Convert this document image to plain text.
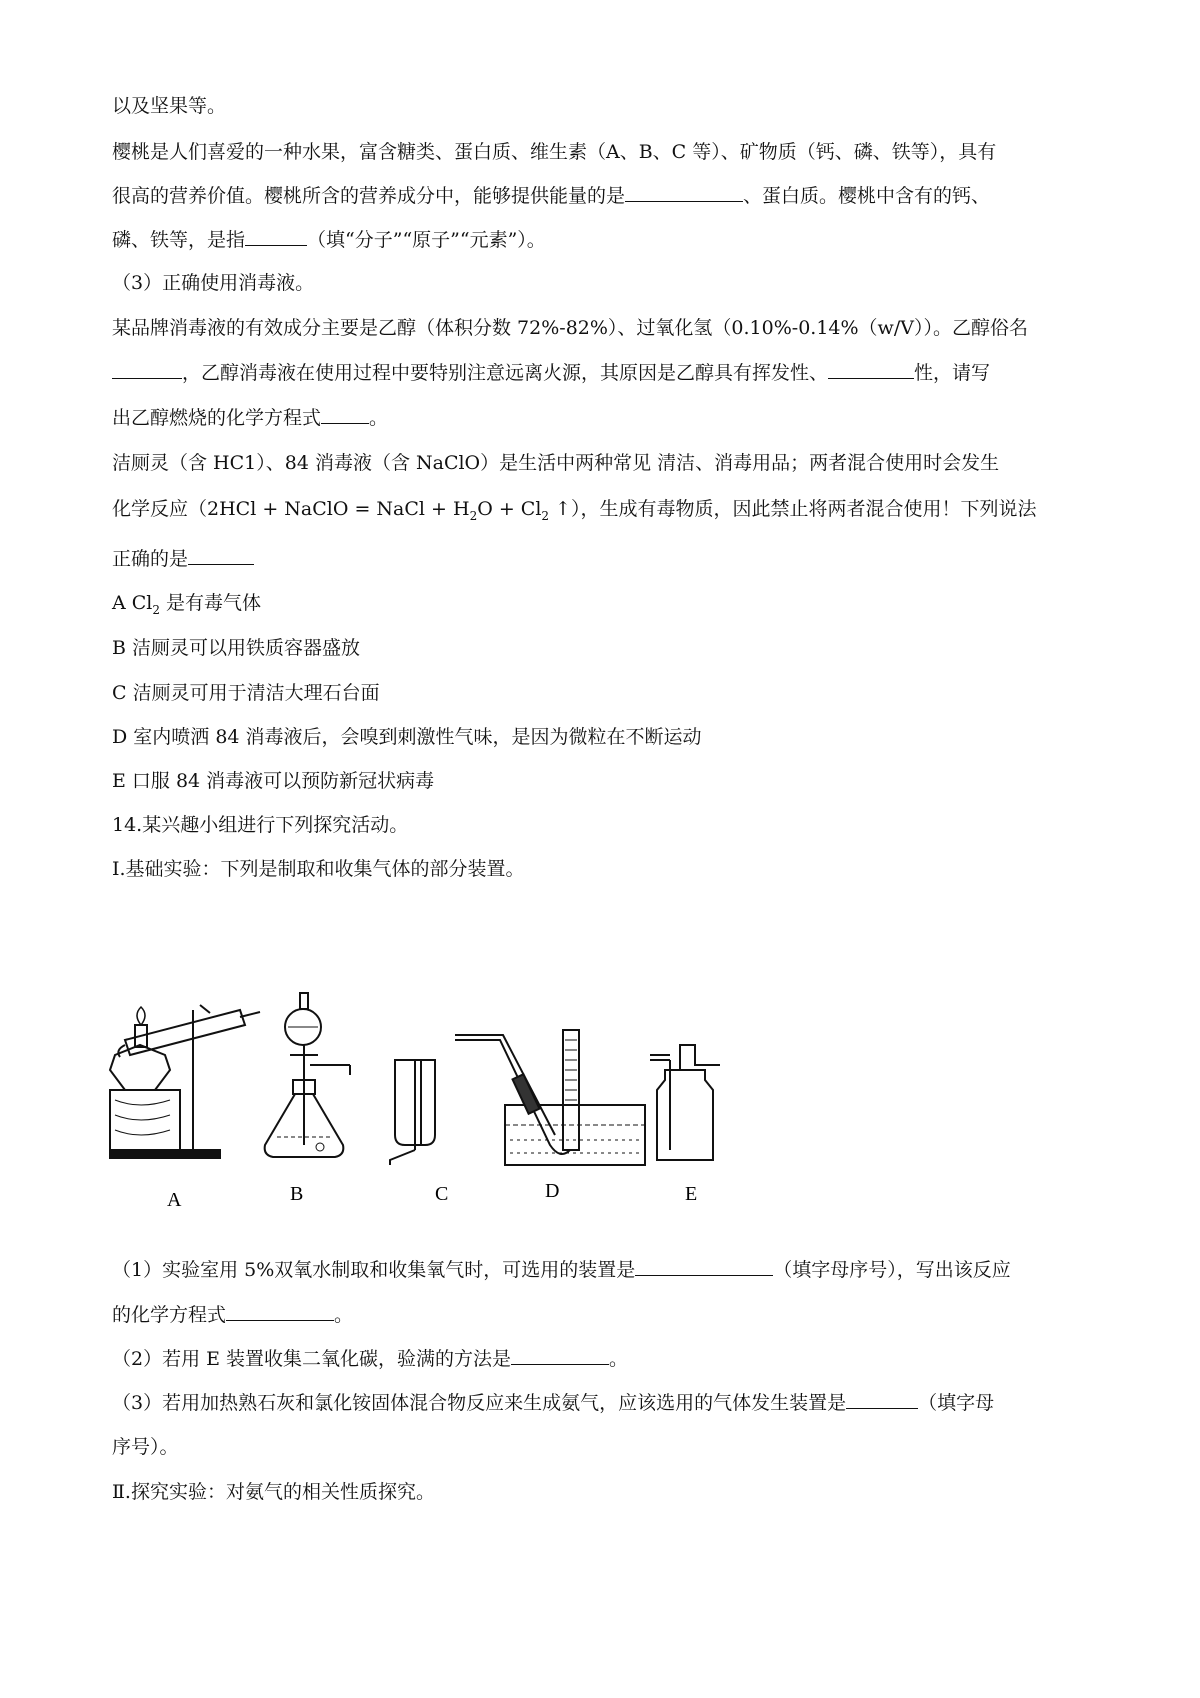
以及坚果等。
樱桃是人们喜爱的一种水果，富含糖类、蛋白质、维生素（A、B、C 等）、矿物质（钙、磷、铁等），具有
很高的营养价值。樱桃所含的营养成分中，能够提供能量的是	、蛋白质。樱桃中含有的钙、
磷、铁等，是指	（填“分子”“原子”“元素”）。
（3）正确使用消毒液。
某品牌消毒液的有效成分主要是乙醇（体积分数 72%-82%）、过氧化氢（0.10%-0.14%（w/V））。乙醇俗名
，乙醇消毒液在使用过程中要特别注意远离火源，其原因是乙醇具有挥发性、	性，请写
出乙醇燃烧的化学方程式	。
洁厕灵（含 HC1）、84 消毒液（含 NaClO）是生活中两种常见 清洁、消毒用品；两者混合使用时会发生
化学反应（2HCl + NaClO = NaCl + $H_2O + Cl_2$ ↑），生成有毒物质，因此禁止将两者混合使用！下列说法
正确的是
A $Cl_2$ 是有毒气体
B 洁厕灵可以用铁质容器盛放
C 洁厕灵可用于清洁大理石台面
D 室内喷洒 84 消毒液后，会嗅到刺激性气味，是因为微粒在不断运动
E 口服 84 消毒液可以预防新冠状病毒
14.某兴趣小组进行下列探究活动。
I.基础实验：下列是制取和收集气体的部分装置。
A	B	C	D	E
（1）实验室用 5%双氧水制取和收集氧气时，可选用的装置是	（填字母序号），写出该反应
的化学方程式	。
（2）若用 E 装置收集二氧化碳，验满的方法是	。
（3）若用加热熟石灰和氯化铵固体混合物反应来生成氨气，应该选用的气体发生装置是	（填字母
序号）。
Ⅱ.探究实验：对氨气的相关性质探究。
